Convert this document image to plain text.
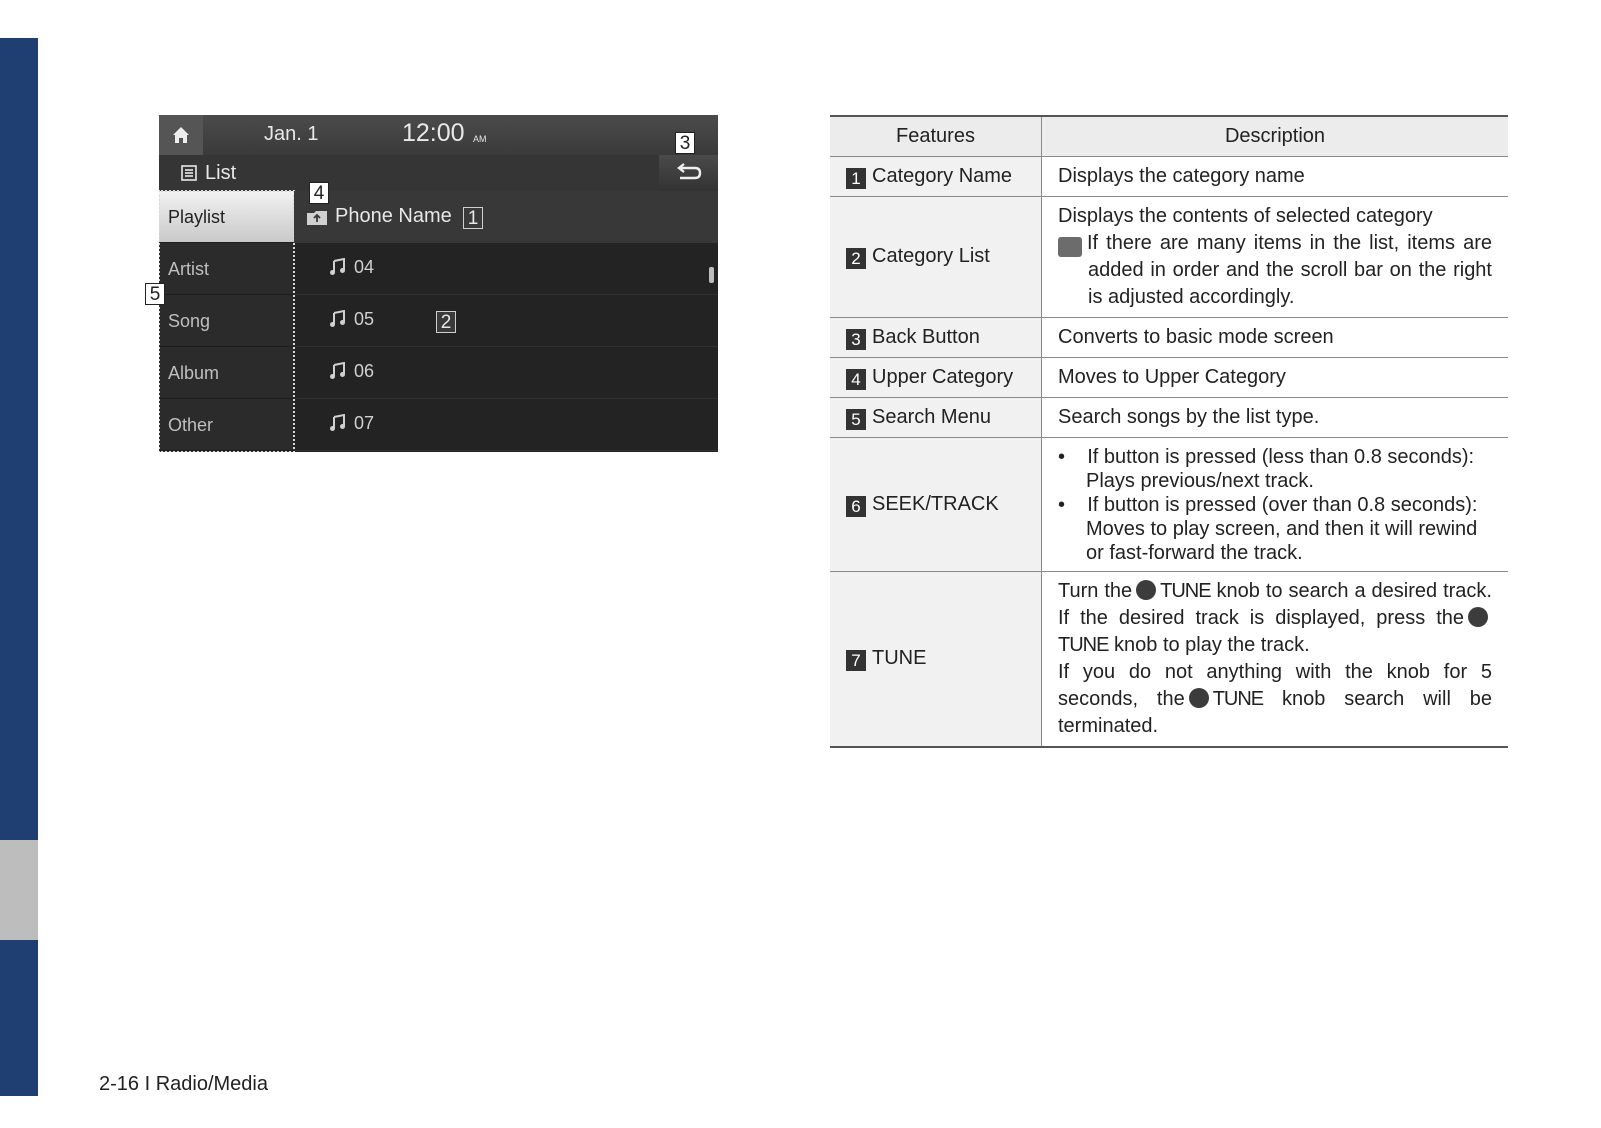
Jan. 1	12:00 AM
List
Playlist
Artist
Song
Album
Other
Phone Name
04
05
06
07
1
2
3
4
5
Features	Description
1 Category Name	Displays the category name
2 Category List	Displays the contents of selected category
i If there are many items in the list, items are added in order and the scroll bar on the right is adjusted accordingly.

3 Back Button	Converts to basic mode screen
4 Upper Category	Moves to Upper Category
5 Search Menu	Search songs by the list type.
6 SEEK/TRACK	•    If button is pressed (less than 0.8 seconds): Plays previous/next track.
•    If button is pressed (over than 0.8 seconds): Moves to play screen, and then it will rewind or fast-forward the track.

7 TUNE	Turn the TUNE knob to search a desired track. If the desired track is displayed, press theTUNE knob to play the track.
If you do not anything with the knob for 5 seconds, the TUNE knob search will be terminated.
2-16 I Radio/Media
